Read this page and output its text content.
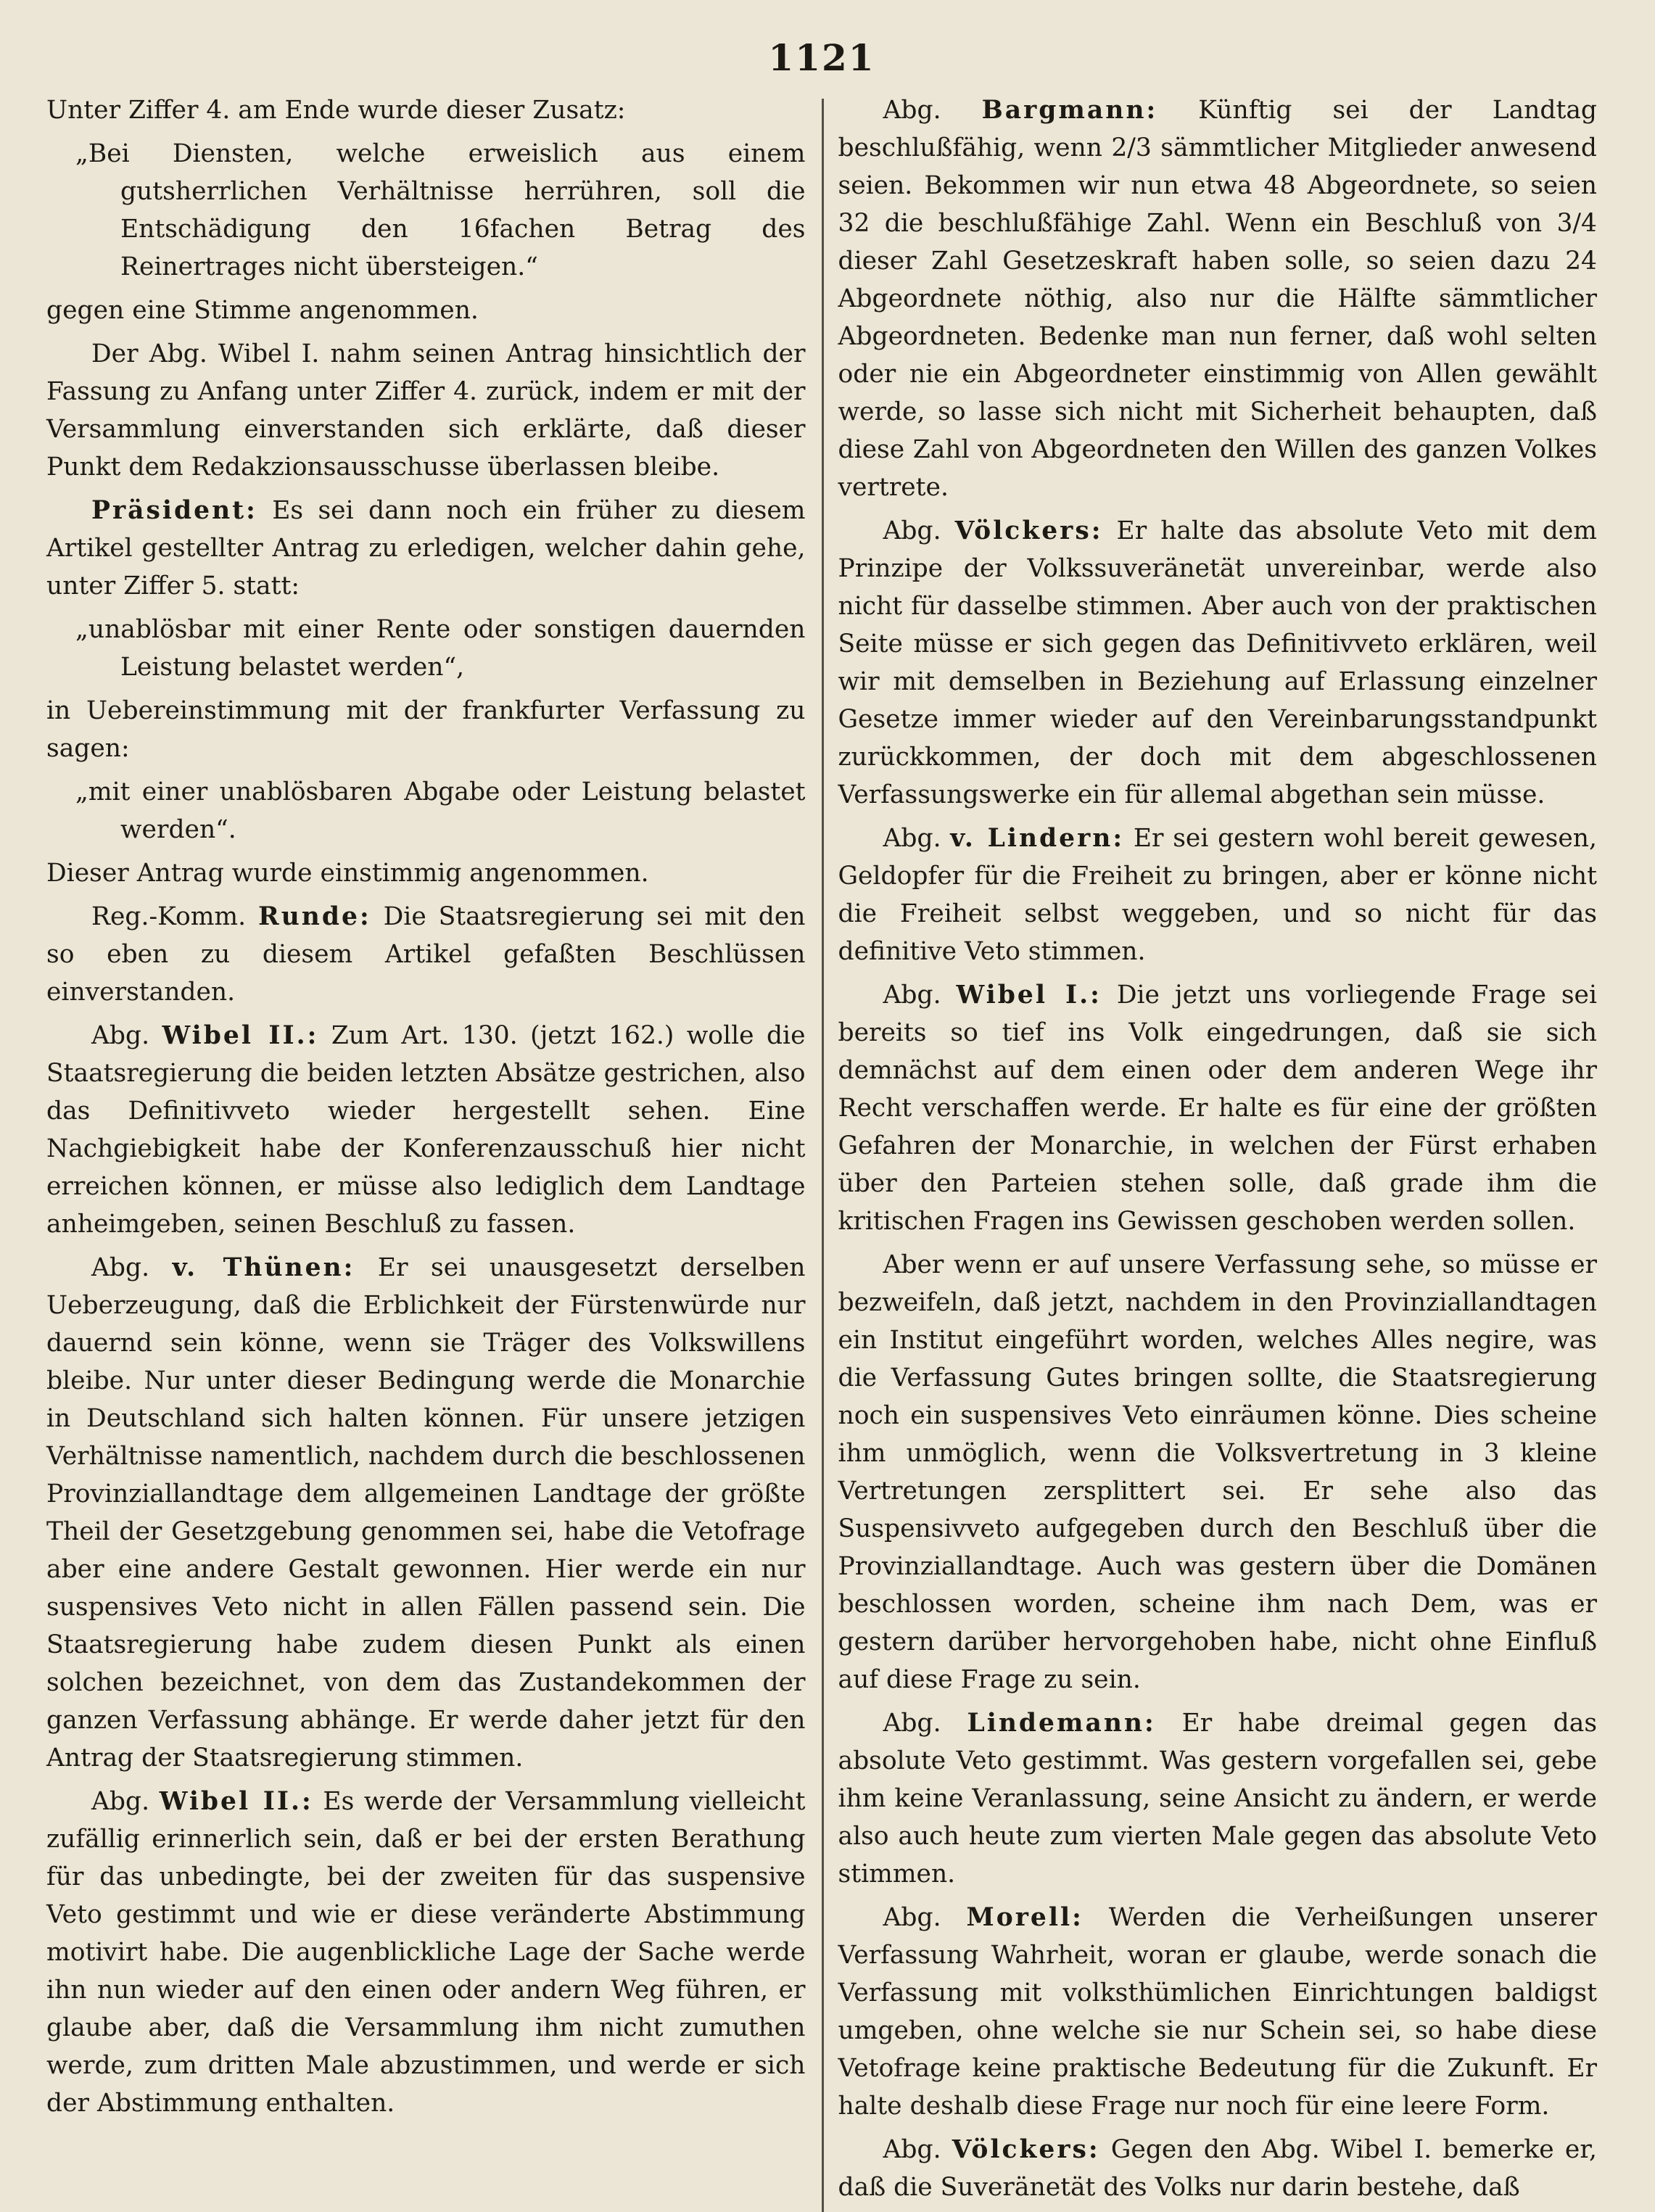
1121

Unter Ziffer 4. am Ende wurde dieser Zusatz:

„Bei Diensten, welche erweislich aus einem gutsherrlichen Verhältnisse herrühren, soll die Entschädigung den 16fachen Betrag des Reinertrages nicht übersteigen.“

gegen eine Stimme angenommen.

Der Abg. Wibel I. nahm seinen Antrag hinsichtlich der Fassung zu Anfang unter Ziffer 4. zurück, indem er mit der Versammlung einverstanden sich erklärte, daß dieser Punkt dem Redakzionsausschusse überlassen bleibe.

Präsident: Es sei dann noch ein früher zu diesem Artikel gestellter Antrag zu erledigen, welcher dahin gehe, unter Ziffer 5. statt:

„unablösbar mit einer Rente oder sonstigen dauernden Leistung belastet werden“,

in Uebereinstimmung mit der frankfurter Verfassung zu sagen:

„mit einer unablösbaren Abgabe oder Leistung belastet werden“.

Dieser Antrag wurde einstimmig angenommen.

Reg.-Komm. Runde: Die Staatsregierung sei mit den so eben zu diesem Artikel gefaßten Beschlüssen einverstanden.

Abg. Wibel II.: Zum Art. 130. (jetzt 162.) wolle die Staatsregierung die beiden letzten Absätze gestrichen, also das Definitivveto wieder hergestellt sehen. Eine Nachgiebigkeit habe der Konferenzausschuß hier nicht erreichen können, er müsse also lediglich dem Landtage anheimgeben, seinen Beschluß zu fassen.

Abg. v. Thünen: Er sei unausgesetzt derselben Ueberzeugung, daß die Erblichkeit der Fürstenwürde nur dauernd sein könne, wenn sie Träger des Volkswillens bleibe. Nur unter dieser Bedingung werde die Monarchie in Deutschland sich halten können. Für unsere jetzigen Verhältnisse namentlich, nachdem durch die beschlossenen Provinziallandtage dem allgemeinen Landtage der größte Theil der Gesetzgebung genommen sei, habe die Vetofrage aber eine andere Gestalt gewonnen. Hier werde ein nur suspensives Veto nicht in allen Fällen passend sein. Die Staatsregierung habe zudem diesen Punkt als einen solchen bezeichnet, von dem das Zustandekommen der ganzen Verfassung abhänge. Er werde daher jetzt für den Antrag der Staatsregierung stimmen.

Abg. Wibel II.: Es werde der Versammlung vielleicht zufällig erinnerlich sein, daß er bei der ersten Berathung für das unbedingte, bei der zweiten für das suspensive Veto gestimmt und wie er diese veränderte Abstimmung motivirt habe. Die augenblickliche Lage der Sache werde ihn nun wieder auf den einen oder andern Weg führen, er glaube aber, daß die Versammlung ihm nicht zumuthen werde, zum dritten Male abzustimmen, und werde er sich der Abstimmung enthalten.

Abg. Bargmann: Künftig sei der Landtag beschlußfähig, wenn 2/3 sämmtlicher Mitglieder anwesend seien. Bekommen wir nun etwa 48 Abgeordnete, so seien 32 die beschlußfähige Zahl. Wenn ein Beschluß von 3/4 dieser Zahl Gesetzeskraft haben solle, so seien dazu 24 Abgeordnete nöthig, also nur die Hälfte sämmtlicher Abgeordneten. Bedenke man nun ferner, daß wohl selten oder nie ein Abgeordneter einstimmig von Allen gewählt werde, so lasse sich nicht mit Sicherheit behaupten, daß diese Zahl von Abgeordneten den Willen des ganzen Volkes vertrete.

Abg. Völckers: Er halte das absolute Veto mit dem Prinzipe der Volkssuveränetät unvereinbar, werde also nicht für dasselbe stimmen. Aber auch von der praktischen Seite müsse er sich gegen das Definitivveto erklären, weil wir mit demselben in Beziehung auf Erlassung einzelner Gesetze immer wieder auf den Vereinbarungsstandpunkt zurückkommen, der doch mit dem abgeschlossenen Verfassungswerke ein für allemal abgethan sein müsse.

Abg. v. Lindern: Er sei gestern wohl bereit gewesen, Geldopfer für die Freiheit zu bringen, aber er könne nicht die Freiheit selbst weggeben, und so nicht für das definitive Veto stimmen.

Abg. Wibel I.: Die jetzt uns vorliegende Frage sei bereits so tief ins Volk eingedrungen, daß sie sich demnächst auf dem einen oder dem anderen Wege ihr Recht verschaffen werde. Er halte es für eine der größten Gefahren der Monarchie, in welchen der Fürst erhaben über den Parteien stehen solle, daß grade ihm die kritischen Fragen ins Gewissen geschoben werden sollen.

Aber wenn er auf unsere Verfassung sehe, so müsse er bezweifeln, daß jetzt, nachdem in den Provinziallandtagen ein Institut eingeführt worden, welches Alles negire, was die Verfassung Gutes bringen sollte, die Staatsregierung noch ein suspensives Veto einräumen könne. Dies scheine ihm unmöglich, wenn die Volksvertretung in 3 kleine Vertretungen zersplittert sei. Er sehe also das Suspensivveto aufgegeben durch den Beschluß über die Provinziallandtage. Auch was gestern über die Domänen beschlossen worden, scheine ihm nach Dem, was er gestern darüber hervorgehoben habe, nicht ohne Einfluß auf diese Frage zu sein.

Abg. Lindemann: Er habe dreimal gegen das absolute Veto gestimmt. Was gestern vorgefallen sei, gebe ihm keine Veranlassung, seine Ansicht zu ändern, er werde also auch heute zum vierten Male gegen das absolute Veto stimmen.

Abg. Morell: Werden die Verheißungen unserer Verfassung Wahrheit, woran er glaube, werde sonach die Verfassung mit volksthümlichen Einrichtungen baldigst umgeben, ohne welche sie nur Schein sei, so habe diese Vetofrage keine praktische Bedeutung für die Zukunft. Er halte deshalb diese Frage nur noch für eine leere Form.

Abg. Völckers: Gegen den Abg. Wibel I. bemerke er, daß die Suveränetät des Volks nur darin bestehe, daß
